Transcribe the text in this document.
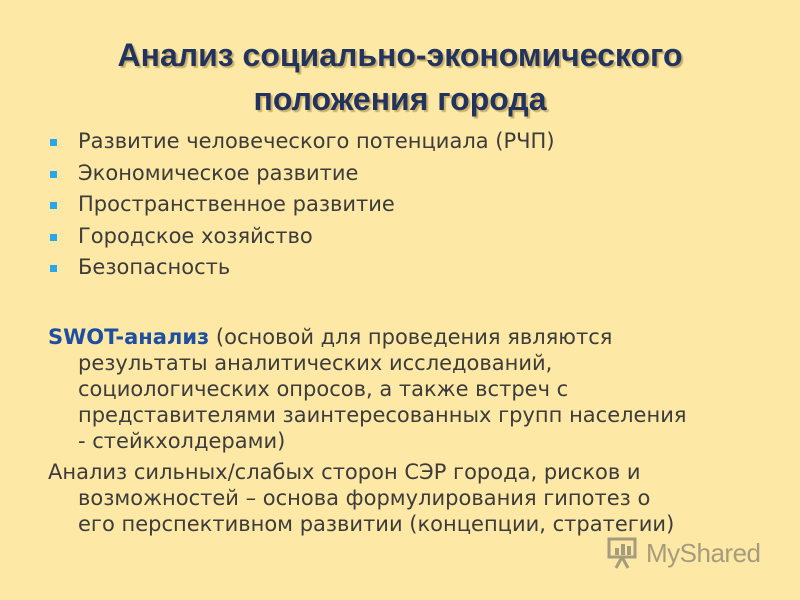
Анализ социально-экономического
положения города
Развитие человеческого потенциала (РЧП)
Экономическое развитие
Пространственное развитие
Городское хозяйство
Безопасность

SWOT-анализ (основой для проведения являются
результаты аналитических исследований,
социологических опросов, а также встреч с
представителями заинтересованных групп населения
- стейкхолдерами)

Анализ сильных/слабых сторон СЭР города, рисков и
возможностей – основа формулирования гипотез о
его перспективном развитии (концепции, стратегии)

MyShared
